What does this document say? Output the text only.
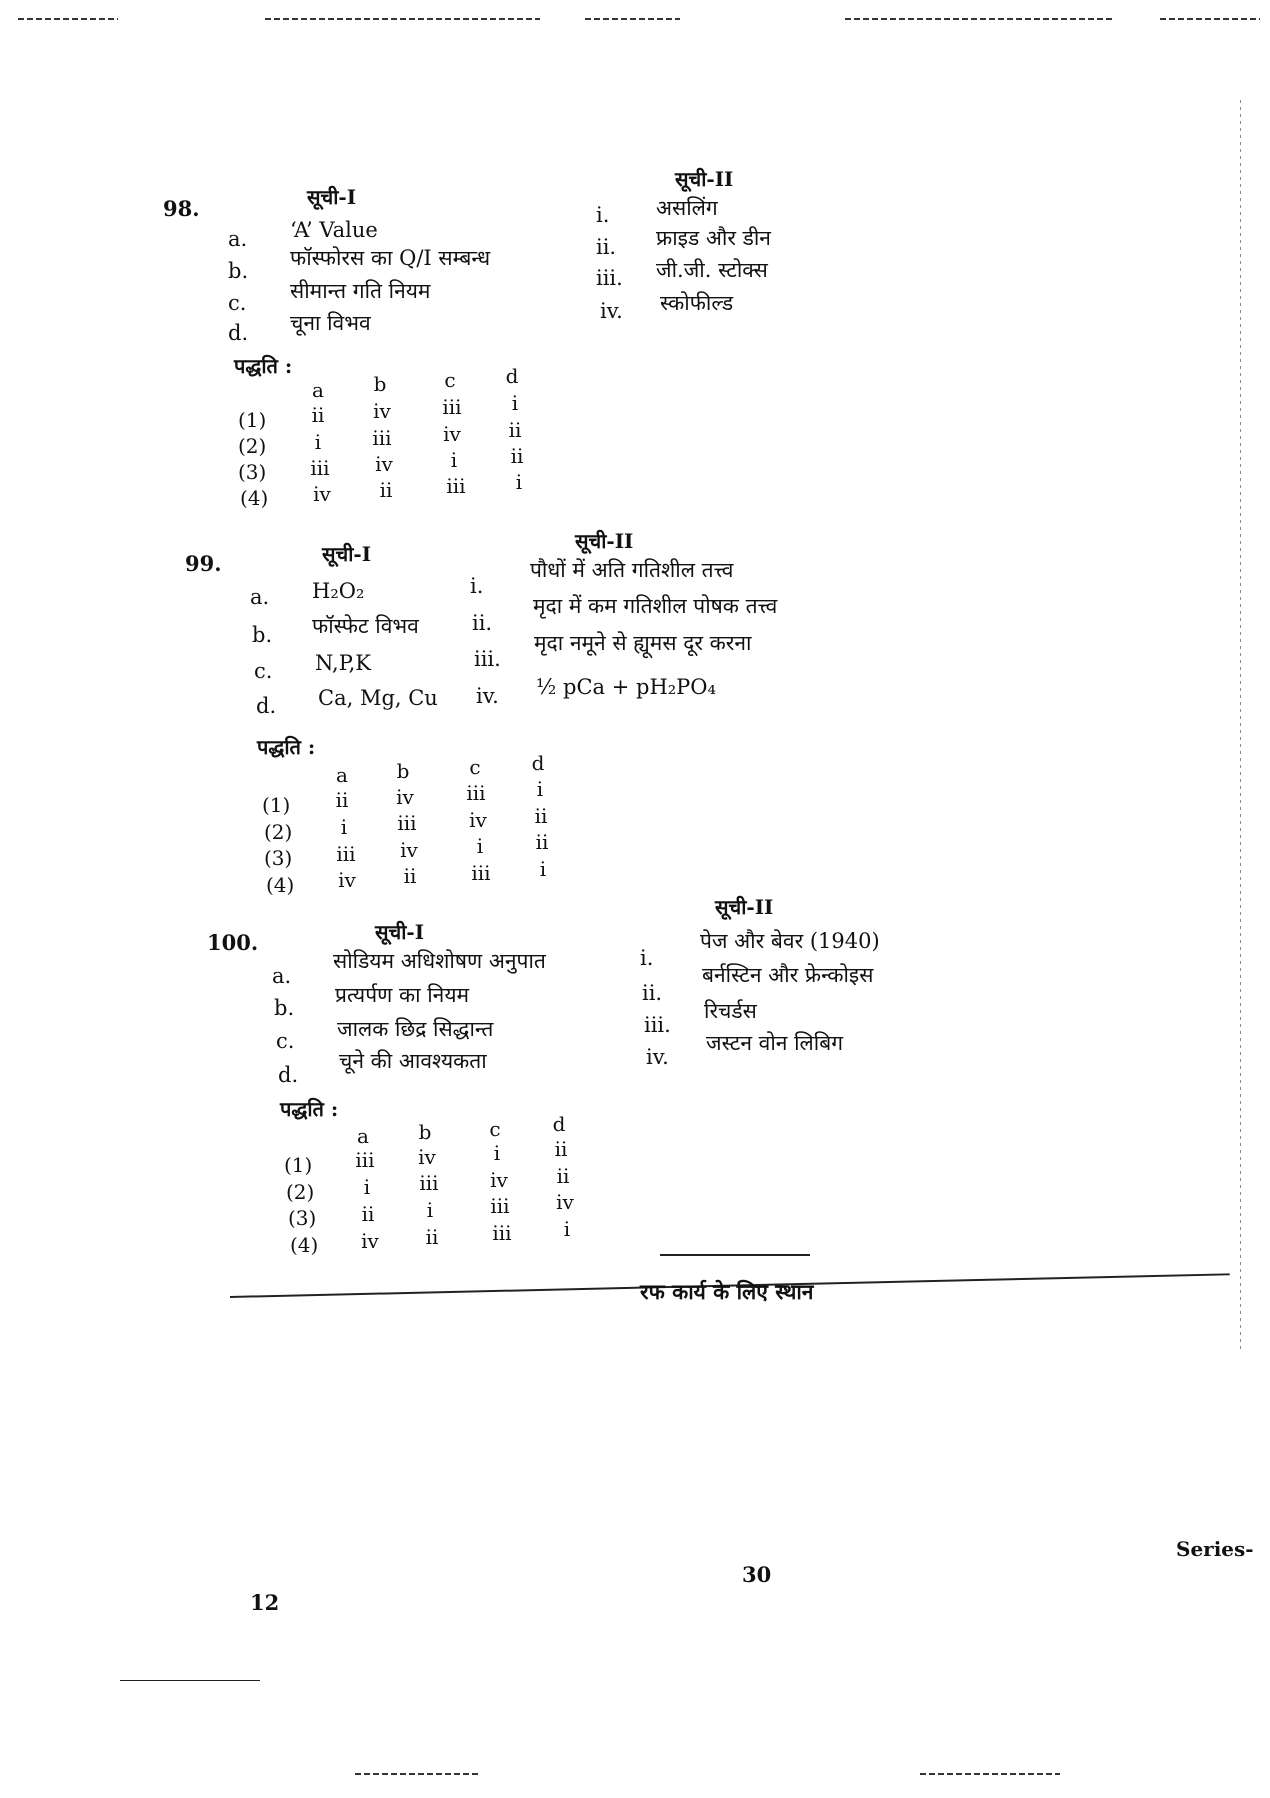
98.	सूची-I
सूची-II
a. ‘A’ Value
b.
फॉस्फोरस का Q/I सम्बन्ध
c. सीमान्त गति नियम
d. चूना विभव
i. असलिंग
ii. फ्राइड और डीन
iii. जी.जी. स्टोक्स
iv. स्कोफील्ड
पद्धति :
a	b	c	d
(1)	ii	iv	iii	i
(2)	i	iii	iv	ii
(3)	iii	iv	i	ii
(4)	iv	ii	iii	i
99.	सूची-I
सूची-II
a. H₂O₂
b. फॉस्फेट विभव
c. N,P,K
d. Ca, Mg, Cu
i.
पौधों में अति गतिशील तत्त्व
ii.
मृदा में कम गतिशील पोषक तत्त्व
iii.
मृदा नमूने से ह्यूमस दूर करना
iv. ½ pCa + pH₂PO₄
पद्धति :
a	b	c	d
(1)	ii	iv	iii	i
(2)	i	iii	iv	ii
(3)	iii	iv	i	ii
(4)	iv	ii	iii	i
100.	सूची-I
सूची-II
a.
सोडियम अधिशोषण अनुपात
b.
प्रत्यर्पण का नियम
c. जालक छिद्र सिद्धान्त
d.
चूने की आवश्यकता
i.
पेज और बेवर (1940)
ii.
बर्नस्टिन और फ्रेन्कोइस
iii.
रिचर्डस
iv.
जस्टन वोन लिबिग
पद्धति :
a	b	c	d
(1)	iii	iv	i	ii
(2)	i	iii	iv	ii
(3)	ii	i	iii	iv
(4)	iv	ii	iii	i
रफ कार्य के लिए स्थान
30
Series-
12
